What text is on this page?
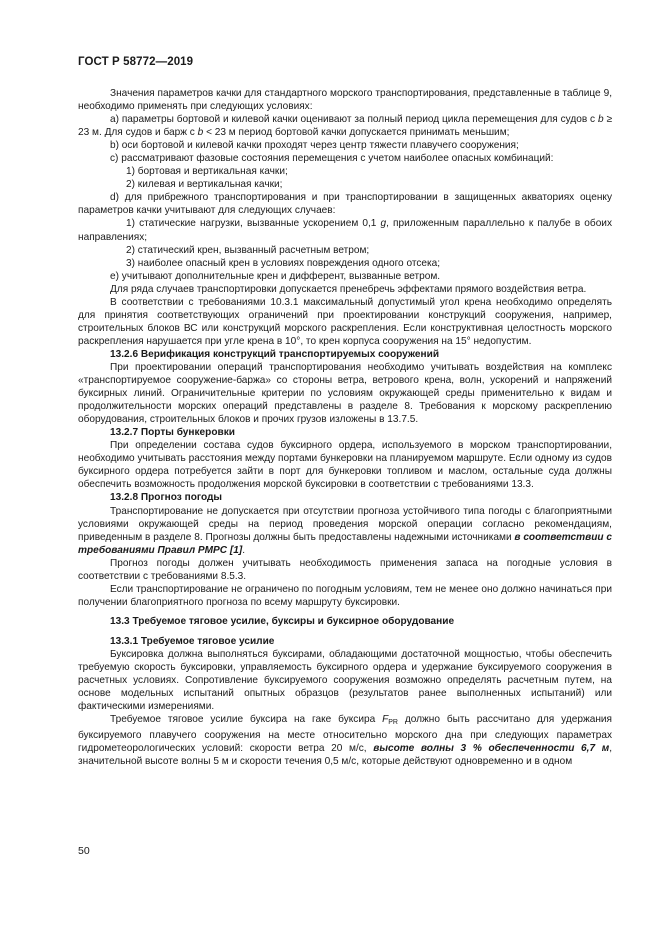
ГОСТ Р 58772—2019

Значения параметров качки для стандартного морского транспортирования, представленные в таблице 9, необходимо применять при следующих условиях:

а) параметры бортовой и килевой качки оценивают за полный период цикла перемещения для судов с b ≥ 23 м. Для судов и барж с b < 23 м период бортовой качки допускается принимать меньшим;

b) оси бортовой и килевой качки проходят через центр тяжести плавучего сооружения;

с) рассматривают фазовые состояния перемещения с учетом наиболее опасных комбинаций:

1) бортовая и вертикальная качки;

2) килевая и вертикальная качки;

d) для прибрежного транспортирования и при транспортировании в защищенных акваториях оценку параметров качки учитывают для следующих случаев:

1) статические нагрузки, вызванные ускорением 0,1 g, приложенным параллельно к палубе в обоих направлениях;

2) статический крен, вызванный расчетным ветром;

3) наиболее опасный крен в условиях повреждения одного отсека;

е) учитывают дополнительные крен и дифферент, вызванные ветром.

Для ряда случаев транспортировки допускается пренебречь эффектами прямого воздействия ветра.

В соответствии с требованиями 10.3.1 максимальный допустимый угол крена необходимо определять для принятия соответствующих ограничений при проектировании конструкций сооружения, например, строительных блоков ВС или конструкций морского раскрепления. Если конструктивная целостность морского раскрепления нарушается при угле крена в 10°, то крен корпуса сооружения на 15° недопустим.

13.2.6 Верификация конструкций транспортируемых сооружений

При проектировании операций транспортирования необходимо учитывать воздействия на комплекс «транспортируемое сооружение-баржа» со стороны ветра, ветрового крена, волн, ускорений и напряжений буксирных линий. Ограничительные критерии по условиям окружающей среды применительно к видам и продолжительности морских операций представлены в разделе 8. Требования к морскому раскреплению оборудования, строительных блоков и прочих грузов изложены в 13.7.5.

13.2.7 Порты бункеровки

При определении состава судов буксирного ордера, используемого в морском транспортировании, необходимо учитывать расстояния между портами бункеровки на планируемом маршруте. Если одному из судов буксирного ордера потребуется зайти в порт для бункеровки топливом и маслом, остальные суда должны обеспечить возможность продолжения морской буксировки в соответствии с требованиями 13.3.

13.2.8 Прогноз погоды

Транспортирование не допускается при отсутствии прогноза устойчивого типа погоды с благоприятными условиями окружающей среды на период проведения морской операции согласно рекомендациям, приведенным в разделе 8. Прогнозы должны быть предоставлены надежными источниками в соответствии с требованиями Правил РМРС [1].

Прогноз погоды должен учитывать необходимость применения запаса на погодные условия в соответствии с требованиями 8.5.3.

Если транспортирование не ограничено по погодным условиям, тем не менее оно должно начинаться при получении благоприятного прогноза по всему маршруту буксировки.

13.3 Требуемое тяговое усилие, буксиры и буксирное оборудование

13.3.1 Требуемое тяговое усилие

Буксировка должна выполняться буксирами, обладающими достаточной мощностью, чтобы обеспечить требуемую скорость буксировки, управляемость буксирного ордера и удержание буксируемого сооружения в расчетных условиях. Сопротивление буксируемого сооружения возможно определять расчетным путем, на основе модельных испытаний опытных образцов (результатов ранее выполненных испытаний) или фактическими измерениями.

Требуемое тяговое усилие буксира на гаке буксира $F_{PR}$ должно быть рассчитано для удержания буксируемого плавучего сооружения на месте относительно морского дна при следующих параметрах гидрометеорологических условий: скорости ветра 20 м/с, высоте волны 3 % обеспеченности 6,7 м, значительной высоте волны 5 м и скорости течения 0,5 м/с, которые действуют одновременно и в одном

50
